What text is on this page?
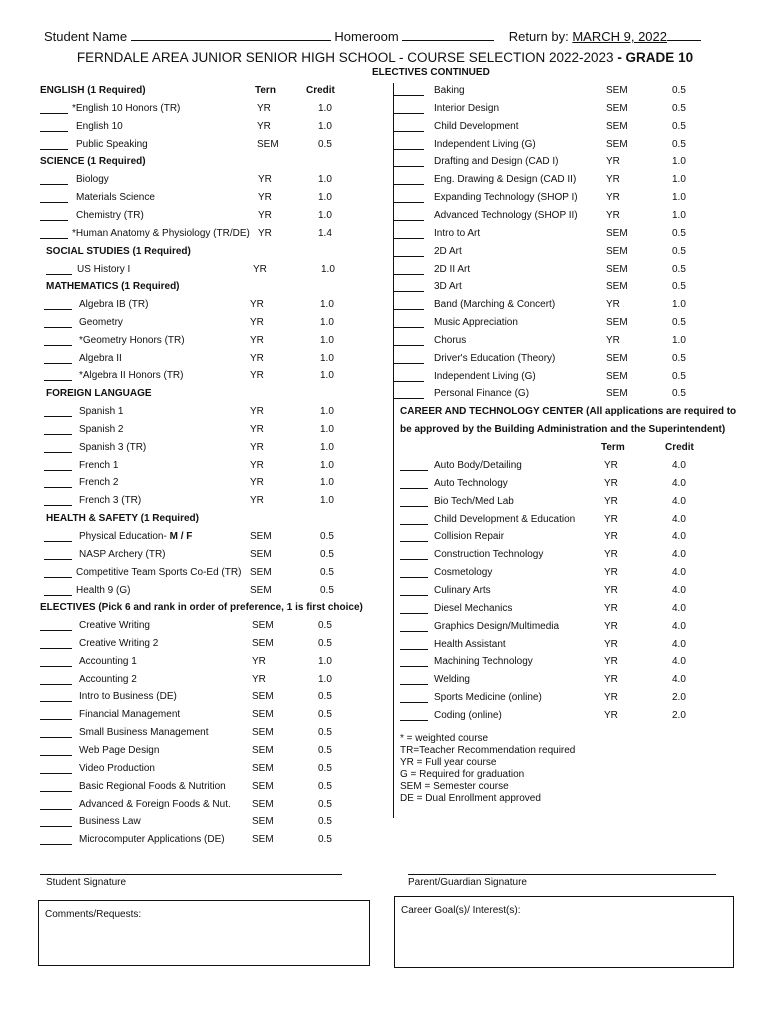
Student Name	Homeroom	Return by: MARCH 9, 2022
FERNDALE AREA JUNIOR SENIOR HIGH SCHOOL - COURSE SELECTION 2022-2023 - GRADE 10
ELECTIVES CONTINUED
ENGLISH (1 Required)	Tern	Credit
*English 10 Honors (TR)	YR	1.0
English 10	YR	1.0
Public Speaking	SEM	0.5
SCIENCE (1 Required)
Biology	YR	1.0
Materials Science	YR	1.0
Chemistry (TR)	YR	1.0
*Human Anatomy & Physiology (TR/DE) YR	1.4
SOCIAL STUDIES (1 Required)
US History I	YR	1.0
MATHEMATICS (1 Required)
Algebra IB (TR)	YR	1.0
Geometry	YR	1.0
*Geometry Honors (TR)	YR	1.0
Algebra II	YR	1.0
*Algebra II Honors (TR)	YR	1.0
FOREIGN LANGUAGE
Spanish 1	YR	1.0
Spanish 2	YR	1.0
Spanish 3 (TR)	YR	1.0
French 1	YR	1.0
French 2	YR	1.0
French 3 (TR)	YR	1.0
HEALTH & SAFETY (1 Required)
Physical Education- M / F	SEM	0.5
NASP Archery (TR)	SEM	0.5
Competitive Team Sports Co-Ed (TR) SEM	0.5
Health 9 (G)	SEM	0.5
ELECTIVES (Pick 6 and rank in order of preference, 1 is first choice)
Creative Writing	SEM	0.5
Creative Writing 2	SEM	0.5
Accounting 1	YR	1.0
Accounting 2	YR	1.0
Intro to Business (DE)	SEM	0.5
Financial Management	SEM	0.5
Small Business Management	SEM	0.5
Web Page Design	SEM	0.5
Video Production	SEM	0.5
Basic Regional Foods & Nutrition	SEM	0.5
Advanced & Foreign Foods & Nut. SEM	0.5
Business Law	SEM	0.5
Microcomputer Applications (DE)	SEM	0.5
Baking	SEM	0.5
Interior Design	SEM	0.5
Child Development	SEM	0.5
Independent Living (G)	SEM	0.5
Drafting and Design (CAD I)	YR	1.0
Eng. Drawing & Design (CAD II)	YR	1.0
Expanding Technology (SHOP I)	YR	1.0
Advanced Technology (SHOP II)	YR	1.0
Intro to Art	SEM	0.5
2D Art	SEM	0.5
2D II Art	SEM	0.5
3D Art	SEM	0.5
Band (Marching & Concert)	YR	1.0
Music Appreciation	SEM	0.5
Chorus	YR	1.0
Driver's Education (Theory)	SEM	0.5
Independent Living (G)	SEM	0.5
Personal Finance (G)	SEM	0.5
CAREER AND TECHNOLOGY CENTER (All applications are required to
be approved by the Building Administration and the Superintendent)
Term	Credit
Auto Body/Detailing	YR	4.0
Auto Technology	YR	4.0
Bio Tech/Med Lab	YR	4.0
Child Development & Education	YR	4.0
Collision Repair	YR	4.0
Construction Technology	YR	4.0
Cosmetology	YR	4.0
Culinary Arts	YR	4.0
Diesel Mechanics	YR	4.0
Graphics Design/Multimedia	YR	4.0
Health Assistant	YR	4.0
Machining Technology	YR	4.0
Welding	YR	4.0
Sports Medicine (online)	YR	2.0
Coding (online)	YR	2.0
* = weighted course
TR=Teacher Recommendation required
YR = Full year course
G = Required for graduation
SEM = Semester course
DE = Dual Enrollment approved
Student Signature	Parent/Guardian Signature
Comments/Requests:	Career Goal(s)/ Interest(s):
